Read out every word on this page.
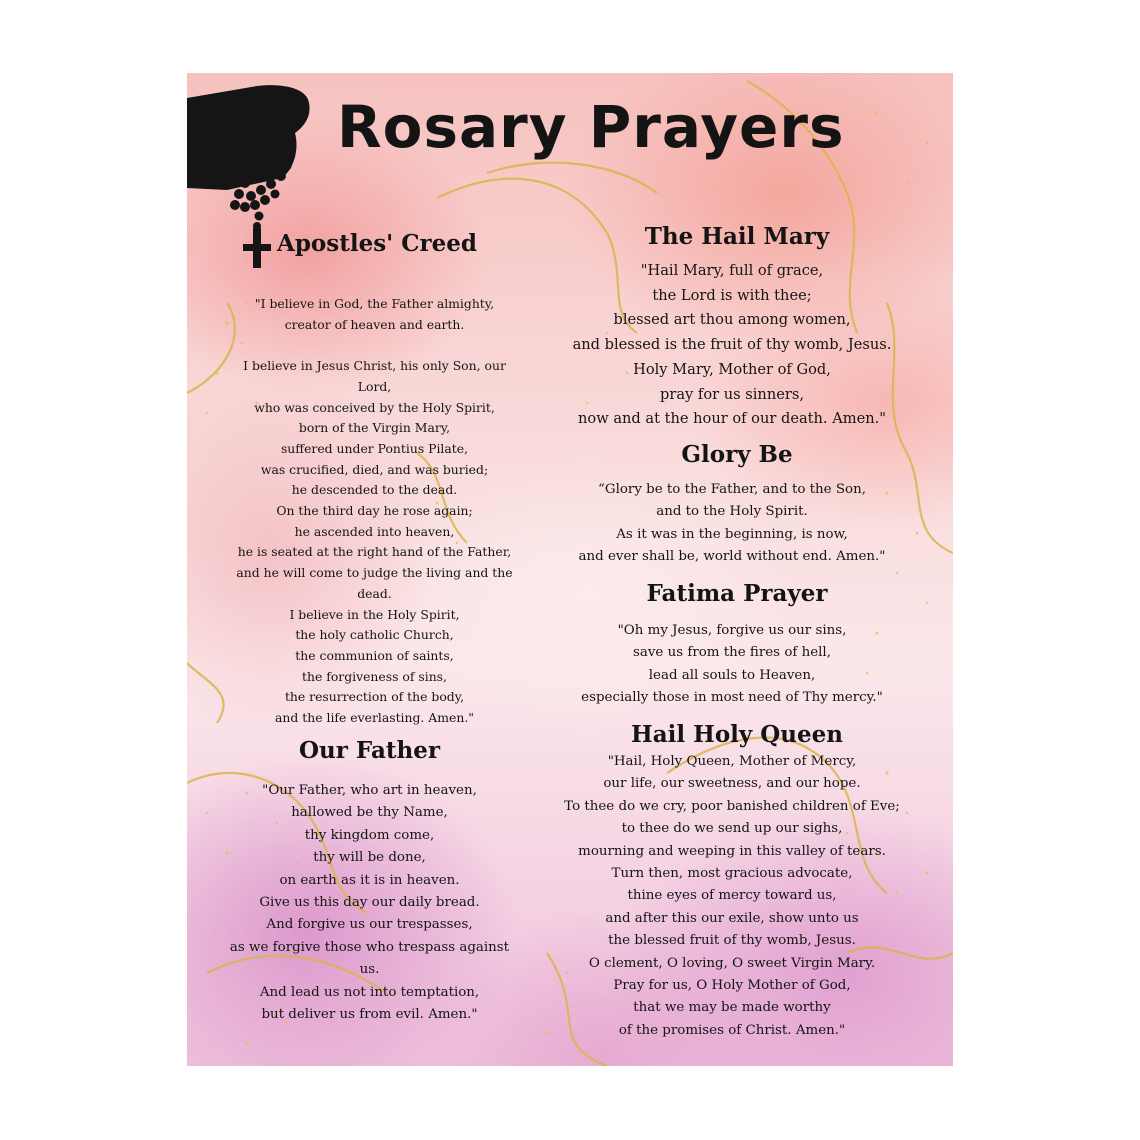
Rosary Prayers
Apostles' Creed
"I believe in God, the Father almighty,
creator of heaven and earth.
I believe in Jesus Christ, his only Son, our
Lord,
who was conceived by the Holy Spirit,
born of the Virgin Mary,
suffered under Pontius Pilate,
was crucified, died, and was buried;
he descended to the dead.
On the third day he rose again;
he ascended into heaven,
he is seated at the right hand of the Father,
and he will come to judge the living and the
dead.
I believe in the Holy Spirit,
the holy catholic Church,
the communion of saints,
the forgiveness of sins,
the resurrection of the body,
and the life everlasting. Amen."
Our Father
"Our Father, who art in heaven,
hallowed be thy Name,
thy kingdom come,
thy will be done,
on earth as it is in heaven.
Give us this day our daily bread.
And forgive us our trespasses,
as we forgive those who trespass against
us.
And lead us not into temptation,
but deliver us from evil. Amen."
The Hail Mary
"Hail Mary, full of grace,
the Lord is with thee;
blessed art thou among women,
and blessed is the fruit of thy womb, Jesus.
Holy Mary, Mother of God,
pray for us sinners,
now and at the hour of our death. Amen."
Glory Be
“Glory be to the Father, and to the Son,
and to the Holy Spirit.
As it was in the beginning, is now,
and ever shall be, world without end. Amen."
Fatima Prayer
"Oh my Jesus, forgive us our sins,
save us from the fires of hell,
lead all souls to Heaven,
especially those in most need of Thy mercy."
Hail Holy Queen
"Hail, Holy Queen, Mother of Mercy,
our life, our sweetness, and our hope.
To thee do we cry, poor banished children of Eve;
to thee do we send up our sighs,
mourning and weeping in this valley of tears.
Turn then, most gracious advocate,
thine eyes of mercy toward us,
and after this our exile, show unto us
the blessed fruit of thy womb, Jesus.
O clement, O loving, O sweet Virgin Mary.
Pray for us, O Holy Mother of God,
that we may be made worthy
of the promises of Christ. Amen."
